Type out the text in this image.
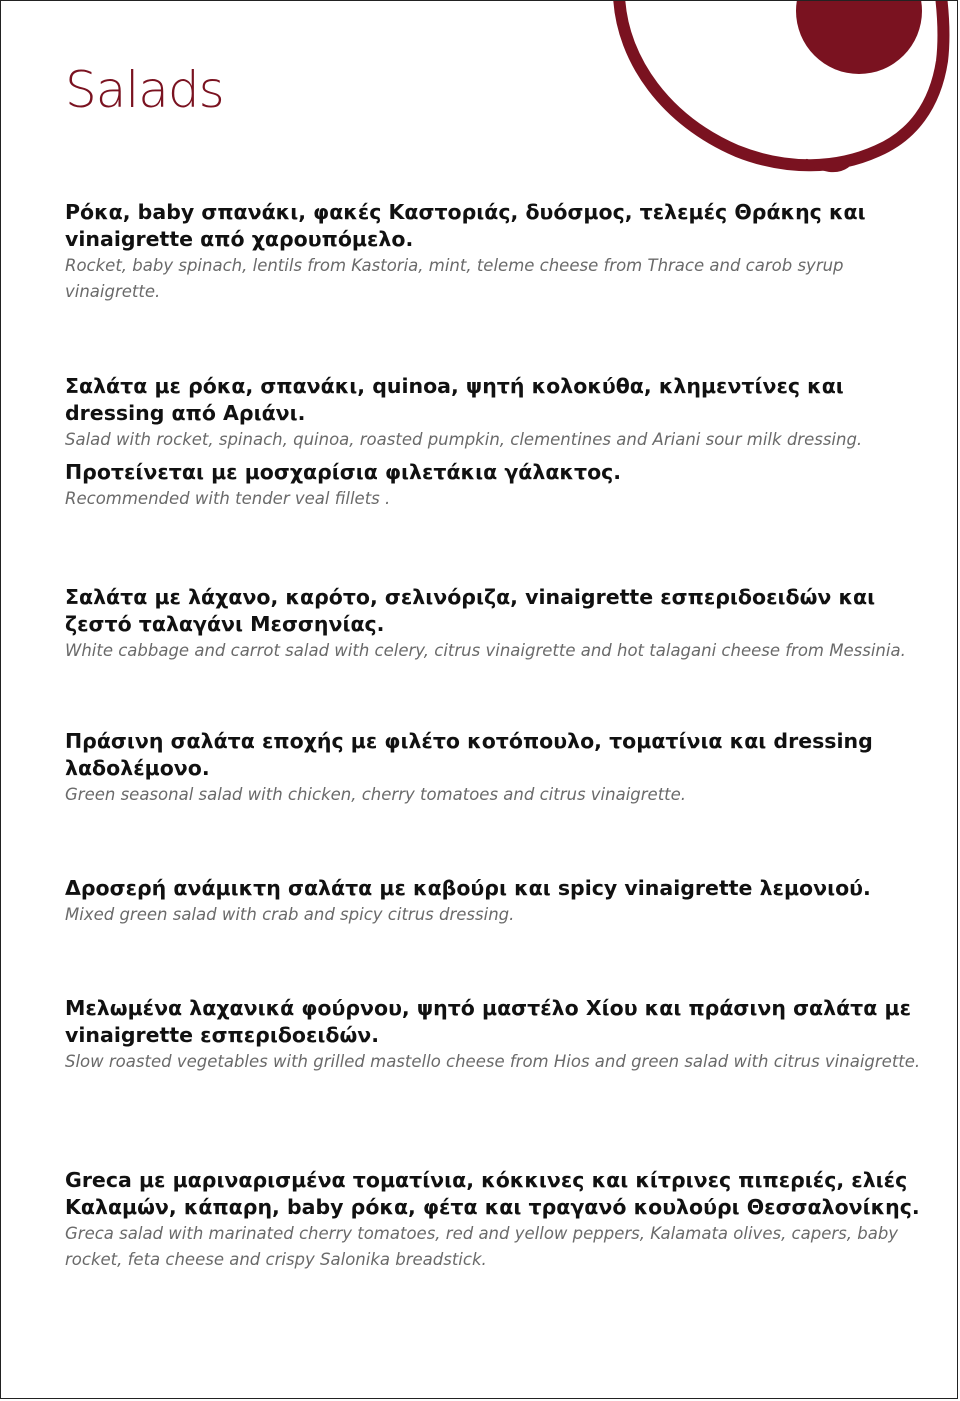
Salads

Ρόκα, baby σπανάκι, φακές Καστοριάς, δυόσμος, τελεμές Θράκης και vinaigrette από χαρουπόμελο.

Rocket, baby spinach, lentils from Kastoria, mint, teleme cheese from Thrace and carob syrup vinaigrette.

Σαλάτα με ρόκα, σπανάκι, quinoa, ψητή κολοκύθα, κλημεντίνες και dressing από Αριάνι.

Salad with rocket, spinach, quinoa, roasted pumpkin, clementines and Ariani sour milk dressing.

Προτείνεται με μοσχαρίσια φιλετάκια γάλακτος.

Recommended with tender veal fillets .

Σαλάτα με λάχανο, καρότο, σελινόριζα, vinaigrette εσπεριδοειδών και ζεστό ταλαγάνι Μεσσηνίας.

White cabbage and carrot salad with celery, citrus vinaigrette and hot talagani cheese from Messinia.

Πράσινη σαλάτα εποχής με φιλέτο κοτόπουλο, τοματίνια και dressing λαδολέμονο.

Green seasonal salad with chicken, cherry tomatoes and citrus vinaigrette.

Δροσερή ανάμικτη σαλάτα με καβούρι και spicy vinaigrette λεμονιού.

Mixed green salad with crab and spicy citrus dressing.

Μελωμένα λαχανικά φούρνου, ψητό μαστέλο Χίου και πράσινη σαλάτα με vinaigrette εσπεριδοειδών.

Slow roasted vegetables with grilled mastello cheese from Hios and green salad with citrus vinaigrette.

Greca με μαριναρισμένα τοματίνια, κόκκινες και κίτρινες πιπεριές, ελιές Καλαμών, κάπαρη, baby ρόκα, φέτα και τραγανό κουλούρι Θεσσαλονίκης.

Greca salad with marinated cherry tomatoes, red and yellow peppers, Kalamata olives, capers, baby rocket, feta cheese and crispy Salonika breadstick.
